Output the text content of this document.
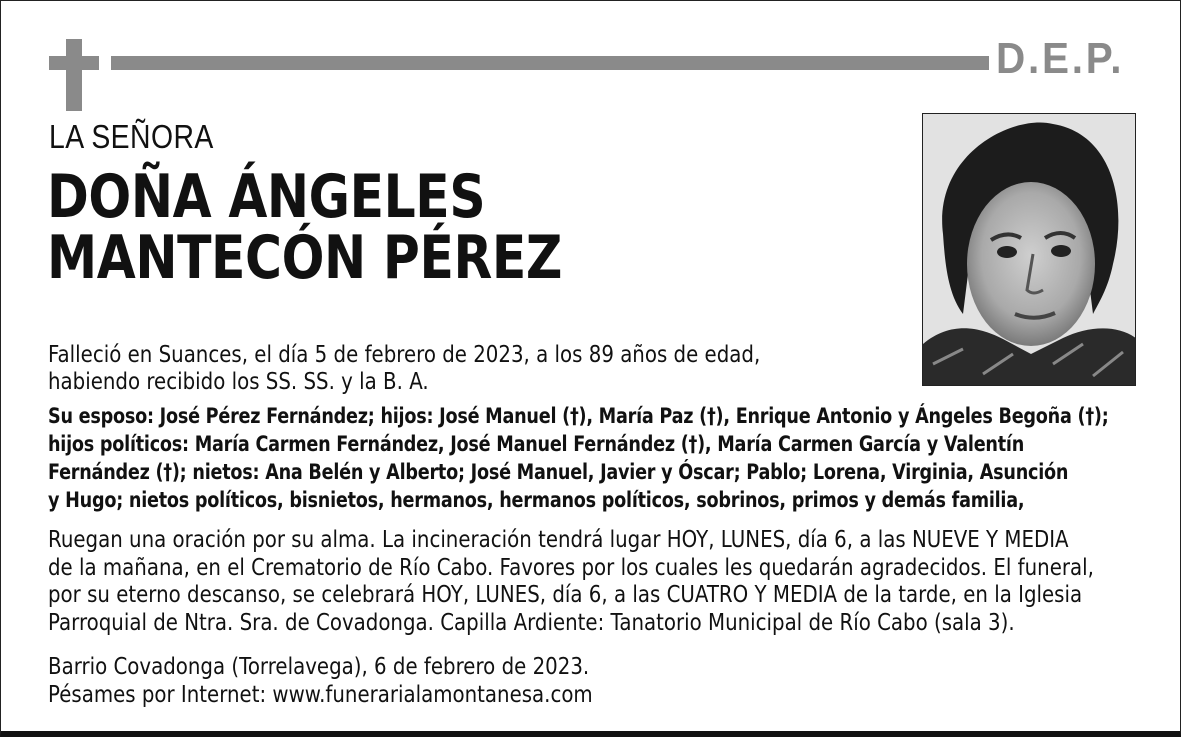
D.E.P.
LA SEÑORA
DOÑA ÁNGELES
MANTECÓN PÉREZ
Falleció en Suances, el día 5 de febrero de 2023, a los 89 años de edad,
habiendo recibido los SS. SS. y la B. A.
Su esposo: José Pérez Fernández; hijos: José Manuel (†), María Paz (†), Enrique Antonio y Ángeles Begoña (†);
hijos políticos: María Carmen Fernández, José Manuel Fernández (†), María Carmen García y Valentín
Fernández (†); nietos: Ana Belén y Alberto; José Manuel, Javier y Óscar; Pablo; Lorena, Virginia, Asunción
y Hugo; nietos políticos, bisnietos, hermanos, hermanos políticos, sobrinos, primos y demás familia,
Ruegan una oración por su alma. La incineración tendrá lugar HOY, LUNES, día 6, a las NUEVE Y MEDIA
de la mañana, en el Crematorio de Río Cabo. Favores por los cuales les quedarán agradecidos. El funeral,
por su eterno descanso, se celebrará HOY, LUNES, día 6, a las CUATRO Y MEDIA de la tarde, en la Iglesia
Parroquial de Ntra. Sra. de Covadonga. Capilla Ardiente: Tanatorio Municipal de Río Cabo (sala 3).
Barrio Covadonga (Torrelavega), 6 de febrero de 2023.
Pésames por Internet: www.funerarialamontanesa.com
